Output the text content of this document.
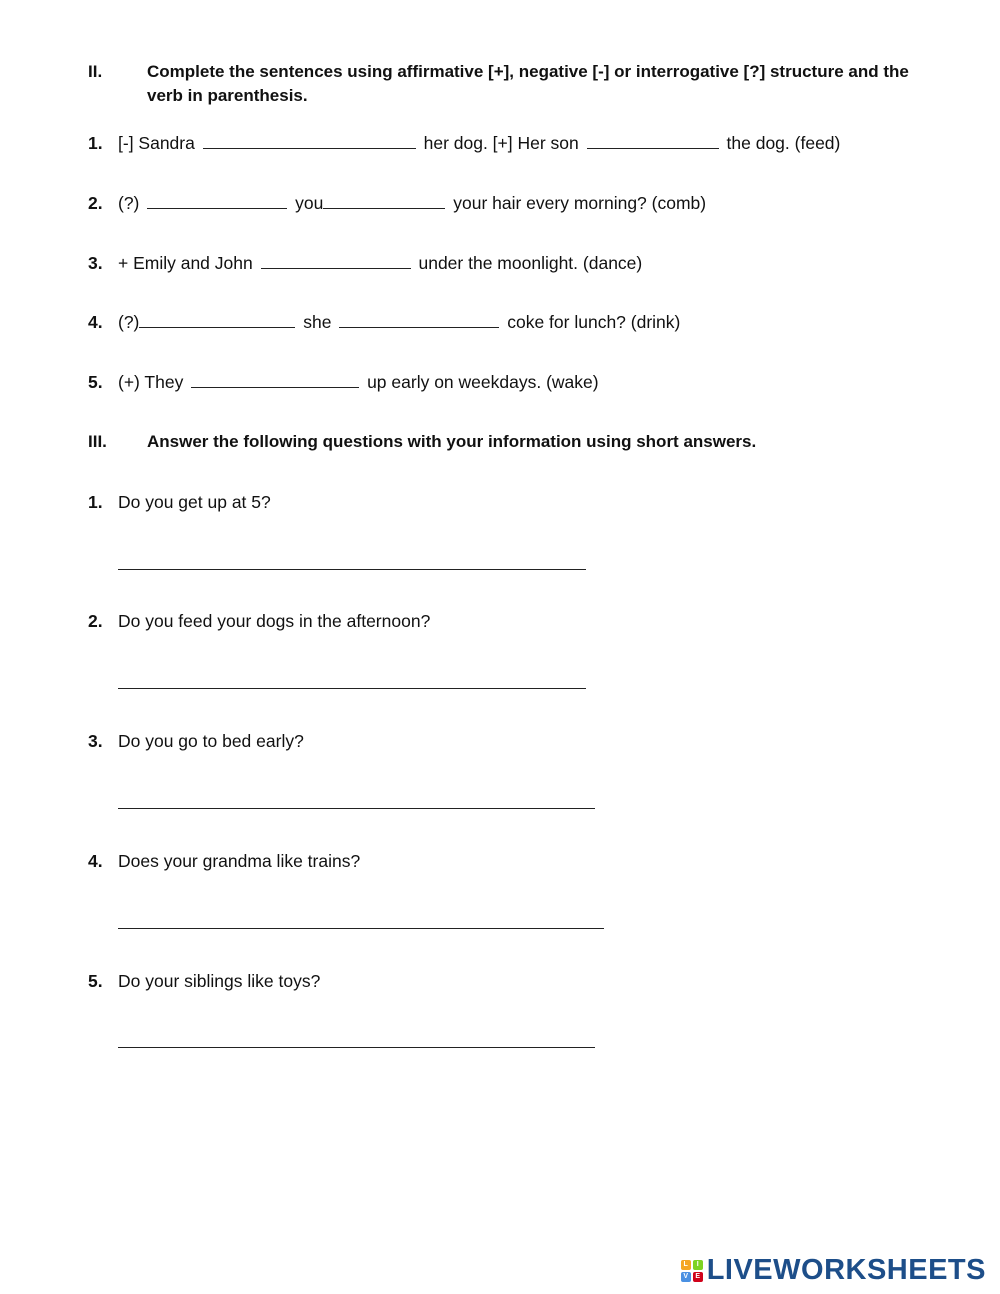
II.	Complete the sentences using affirmative [+], negative [-] or interrogative [?] structure and the verb in parenthesis.
1. [-] Sandra	her dog. [+] Her son	the dog. (feed)
2. (?)	you	your hair every morning? (comb)
3. + Emily and John	under the moonlight. (dance)
4. (?)	she	coke for lunch? (drink)
5. (+) They	up early on weekdays. (wake)
III. Answer the following questions with your information using short answers.
1. Do you get up at 5?
2. Do you feed your dogs in the afternoon?
3. Do you go to bed early?
4. Does your grandma like trains?
5. Do your siblings like toys?
L	I
V	E LIVEWORKSHEETS
